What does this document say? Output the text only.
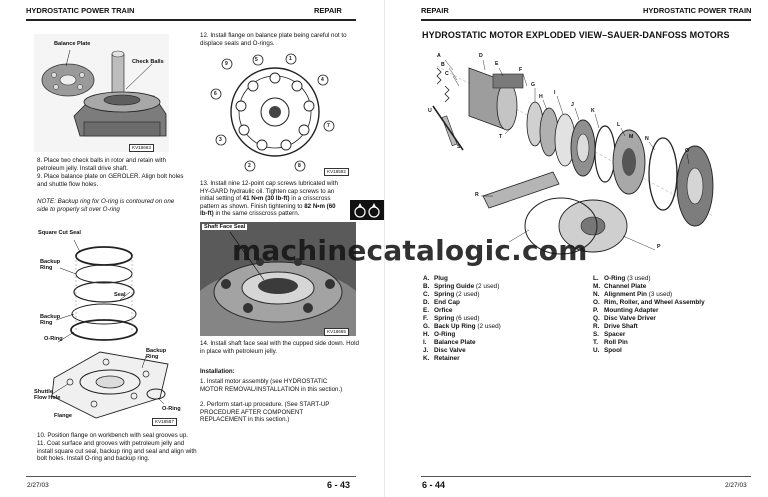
HYDROSTATIC POWER TRAIN	REPAIR
Balance Plate
Check Balls
KV18663
8. Place two check balls in rotor and retain with petroleum jelly. Install drive shaft.
9. Place balance plate on GEROLER. Align bolt holes and shuttle flow holes.
NOTE: Backup ring for O-ring is contoured on one side to properly sit over O-ring
Square Cut Seal
Backup Ring
Seal
Backup Ring
O-Ring
Backup Ring
Shuttle Flow Hole
Flange
O-Ring
KV18587
10. Position flange on workbench with seal grooves up.
11. Coat surface and grooves with petroleum jelly and install square cut seal, backup ring and seal and align with bolt holes. Install O-ring and backup ring.
12. Install flange on balance plate being careful not to displace seals and O-rings.
5	1
4
7
8
2
3
6
9
KV18592
13. Install nine 12-point cap screws lubricated with HY-GARD hydraulic oil. Tighten cap screws to an initial setting of 41 N•m (30 lb-ft) in a crisscross pattern as shown. Finish tightening to 82 N•m (60 lb-ft) in the same crisscross pattern.
Shaft Face Seal
KV18665
14. Install shaft face seal with the cupped side down. Hold in place with petroleum jelly.
Installation:
1. Install motor assembly (see HYDROSTATIC MOTOR REMOVAL/INSTALLATION in this section.)
2. Perform start-up procedure. (See START-UP PROCEDURE AFTER COMPONENT REPLACEMENT in this section.)
2/27/03	6 - 43
REPAIR	HYDROSTATIC POWER TRAIN
HYDROSTATIC MOTOR EXPLODED VIEW–SAUER-DANFOSS MOTORS
A
B
C
D
E
F
G
H
I
J
K
L
M N
O
P
R
S
T
U
A. Plug
B. Spring Guide (2 used)
C. Spring (2 used)
D. End Cap
E. Orfice
F. Spring (6 used)
G. Back Up Ring (2 used)
H. O-Ring
I. Balance Plate
J. Disc Valve
K. Retainer
L. O-Ring (3 used)
M. Channel Plate
N. Alignment Pin (3 used)
O. Rim, Roller, and Wheel Assembly
P. Mounting Adapter
Q. Disc Valve Driver
R. Drive Shaft
S. Spacer
T. Roll Pin
U. Spool
6 - 44	2/27/03
machinecatalogic.com
